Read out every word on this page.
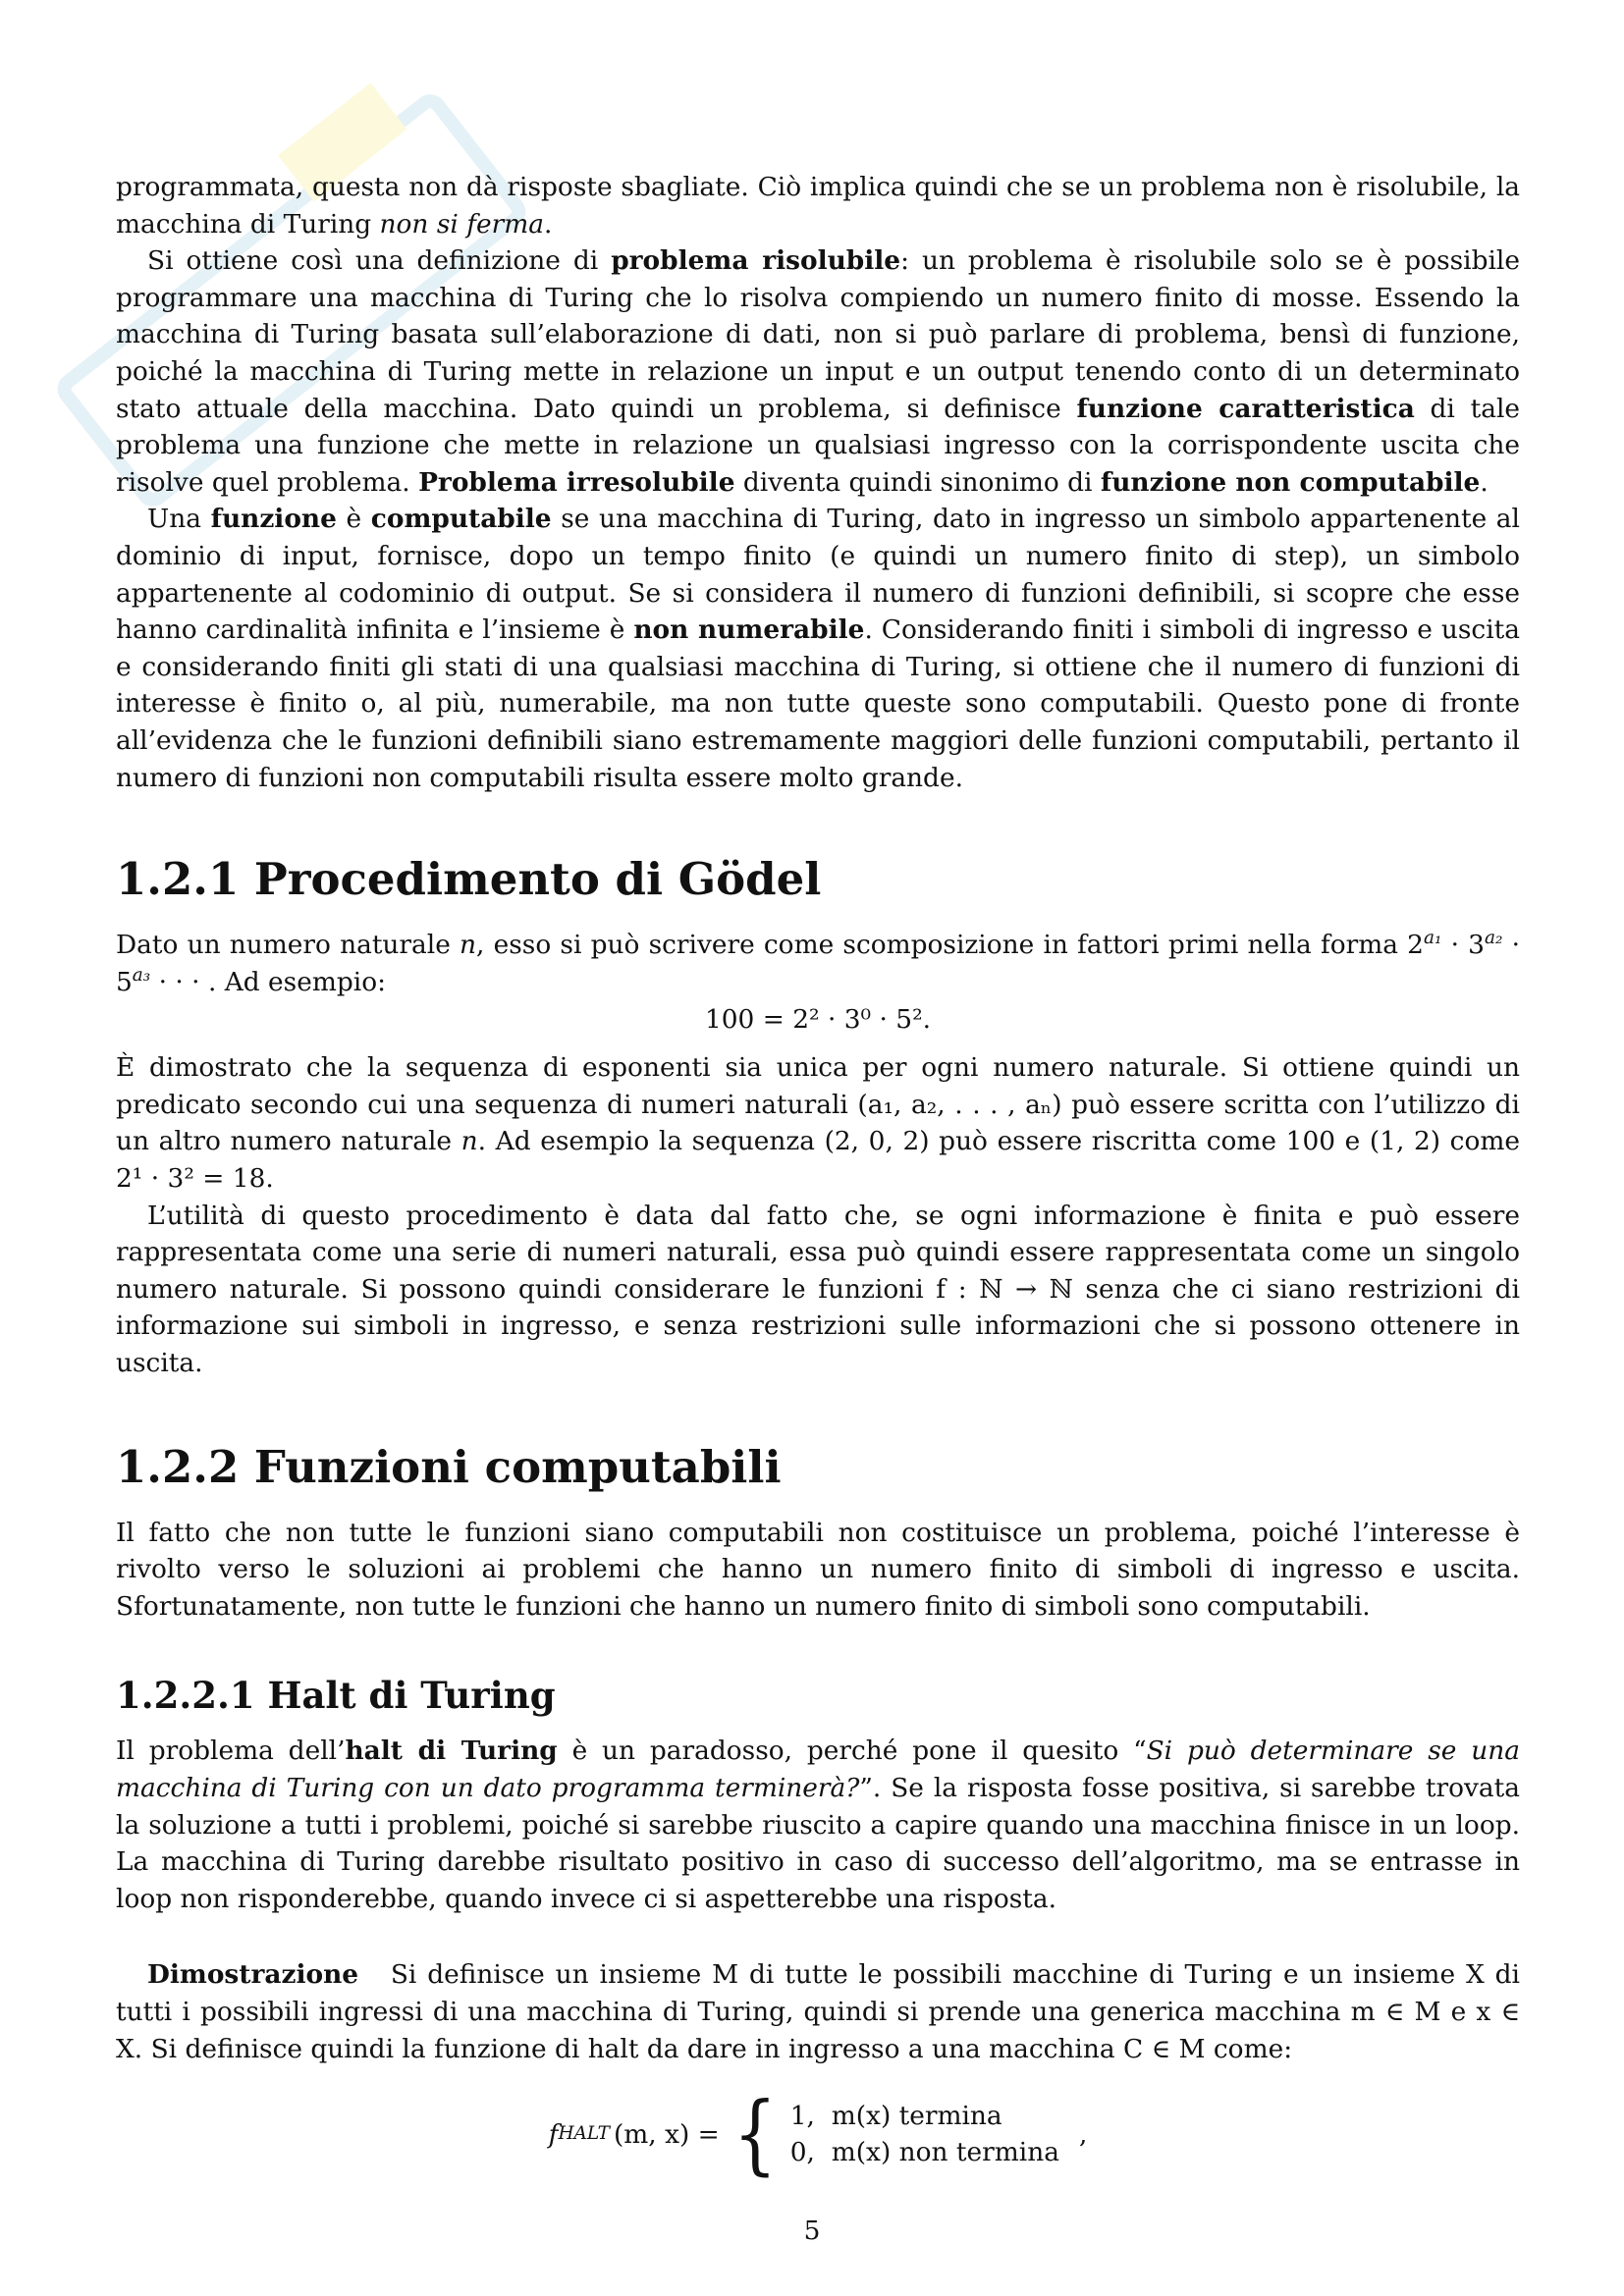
programmata, questa non dà risposte sbagliate. Ciò implica quindi che se un problema non è risolubile, la macchina di Turing non si ferma.

Si ottiene così una definizione di problema risolubile: un problema è risolubile solo se è possibile programmare una macchina di Turing che lo risolva compiendo un numero finito di mosse. Essendo la macchina di Turing basata sull’elaborazione di dati, non si può parlare di problema, bensì di funzione, poiché la macchina di Turing mette in relazione un input e un output tenendo conto di un determinato stato attuale della macchina. Dato quindi un problema, si definisce funzione caratteristica di tale problema una funzione che mette in relazione un qualsiasi ingresso con la corrispondente uscita che risolve quel problema. Problema irresolubile diventa quindi sinonimo di funzione non computabile.

Una funzione è computabile se una macchina di Turing, dato in ingresso un simbolo appartenente al dominio di input, fornisce, dopo un tempo finito (e quindi un numero finito di step), un simbolo appartenente al codominio di output. Se si considera il numero di funzioni definibili, si scopre che esse hanno cardinalità infinita e l’insieme è non numerabile. Considerando finiti i simboli di ingresso e uscita e considerando finiti gli stati di una qualsiasi macchina di Turing, si ottiene che il numero di funzioni di interesse è finito o, al più, numerabile, ma non tutte queste sono computabili. Questo pone di fronte all’evidenza che le funzioni definibili siano estremamente maggiori delle funzioni computabili, pertanto il numero di funzioni non computabili risulta essere molto grande.

1.2.1 Procedimento di Gödel

Dato un numero naturale n, esso si può scrivere come scomposizione in fattori primi nella forma $2^{a_1} \cdot 3^{a_2} \cdot 5^{a_3}$ · · · . Ad esempio:

100 = 2² · 3⁰ · 5².

È dimostrato che la sequenza di esponenti sia unica per ogni numero naturale. Si ottiene quindi un predicato secondo cui una sequenza di numeri naturali (a₁, a₂, . . . , aₙ) può essere scritta con l’utilizzo di un altro numero naturale n. Ad esempio la sequenza (2, 0, 2) può essere riscritta come 100 e (1, 2) come 2¹ · 3² = 18.

L’utilità di questo procedimento è data dal fatto che, se ogni informazione è finita e può essere rappresentata come una serie di numeri naturali, essa può quindi essere rappresentata come un singolo numero naturale. Si possono quindi considerare le funzioni f : ℕ → ℕ senza che ci siano restrizioni di informazione sui simboli in ingresso, e senza restrizioni sulle informazioni che si possono ottenere in uscita.

1.2.2 Funzioni computabili

Il fatto che non tutte le funzioni siano computabili non costituisce un problema, poiché l’interesse è rivolto verso le soluzioni ai problemi che hanno un numero finito di simboli di ingresso e uscita. Sfortunatamente, non tutte le funzioni che hanno un numero finito di simboli sono computabili.

1.2.2.1 Halt di Turing

Il problema dell’halt di Turing è un paradosso, perché pone il quesito “Si può determinare se una macchina di Turing con un dato programma terminerà?”. Se la risposta fosse positiva, si sarebbe trovata la soluzione a tutti i problemi, poiché si sarebbe riuscito a capire quando una macchina finisce in un loop. La macchina di Turing darebbe risultato positivo in caso di successo dell’algoritmo, ma se entrasse in loop non risponderebbe, quando invece ci si aspetterebbe una risposta.

Dimostrazione Si definisce un insieme M di tutte le possibili macchine di Turing e un insieme X di tutti i possibili ingressi di una macchina di Turing, quindi si prende una generica macchina m ∈ M e x ∈ X. Si definisce quindi la funzione di halt da dare in ingresso a una macchina C ∈ M come:

f HALT (m, x) = { 1, m(x) termina
0, m(x) non termina
,
5
